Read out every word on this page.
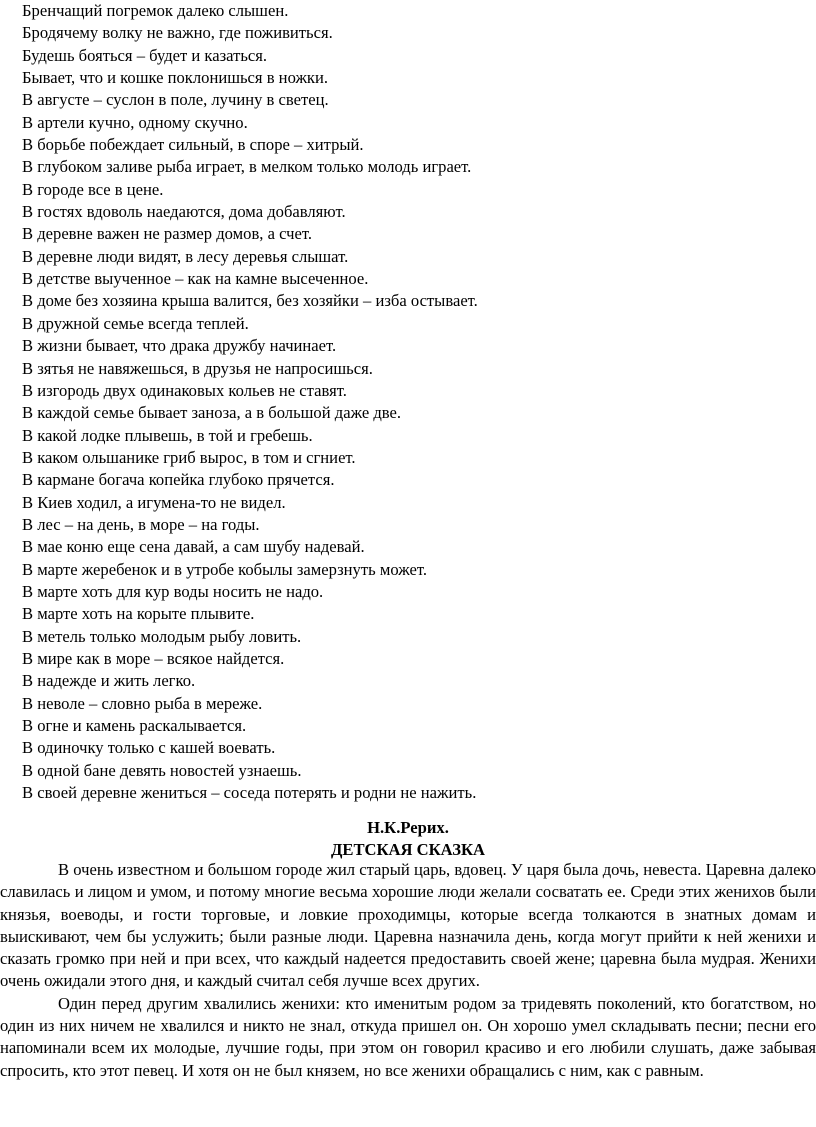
Бренчащий погремок далеко слышен.
Бродячему волку не важно, где поживиться.
Будешь бояться – будет и казаться.
Бывает, что и кошке поклонишься в ножки.
В августе – суслон в поле, лучину в светец.
В артели кучно, одному скучно.
В борьбе побеждает сильный, в споре – хитрый.
В глубоком заливе рыба играет, в мелком только молодь играет.
В городе все в цене.
В гостях вдоволь наедаются, дома добавляют.
В деревне важен не размер домов, а счет.
В деревне люди видят, в лесу деревья слышат.
В детстве выученное – как на камне высеченное.
В доме без хозяина крыша валится, без хозяйки – изба остывает.
В дружной семье всегда теплей.
В жизни бывает, что драка дружбу начинает.
В зятья не навяжешься, в друзья не напросишься.
В изгородь двух одинаковых кольев не ставят.
В каждой семье бывает заноза, а в большой даже две.
В какой лодке плывешь, в той и гребешь.
В каком ольшанике гриб вырос, в том и сгниет.
В кармане богача копейка глубоко прячется.
В Киев ходил, а игумена-то не видел.
В лес – на день, в море – на годы.
В мае коню еще сена давай, а сам шубу надевай.
В марте жеребенок и в утробе кобылы замерзнуть может.
В марте хоть для кур воды носить не надо.
В марте хоть на корыте плывите.
В метель только молодым рыбу ловить.
В мире как в море – всякое найдется.
В надежде и жить легко.
В неволе – словно рыба в мереже.
В огне и камень раскалывается.
В одиночку только с кашей воевать.
В одной бане девять новостей узнаешь.
В своей деревне жениться – соседа потерять и родни не нажить.
Н.К.Рерих.
ДЕТСКАЯ СКАЗКА

В очень известном и большом городе жил старый царь, вдовец. У царя была дочь, невеста. Царевна далеко славилась и лицом и умом, и потому многие весьма хорошие люди желали сосватать ее. Среди этих женихов были князья, воеводы, и гости торговые, и ловкие проходимцы, которые всегда толкаются в знатных домам и выискивают, чем бы услужить; были разные люди. Царевна назначила день, когда могут прийти к ней женихи и сказать громко при ней и при всех, что каждый надеется предоставить своей жене; царевна была мудрая. Женихи очень ожидали этого дня, и каждый считал себя лучше всех других.

Один перед другим хвалились женихи: кто именитым родом за тридевять поколений, кто богатством, но один из них ничем не хвалился и никто не знал, откуда пришел он. Он хорошо умел складывать песни; песни его напоминали всем их молодые, лучшие годы, при этом он говорил красиво и его любили слушать, даже забывая спросить, кто этот певец. И хотя он не был князем, но все женихи обращались с ним, как с равным.
